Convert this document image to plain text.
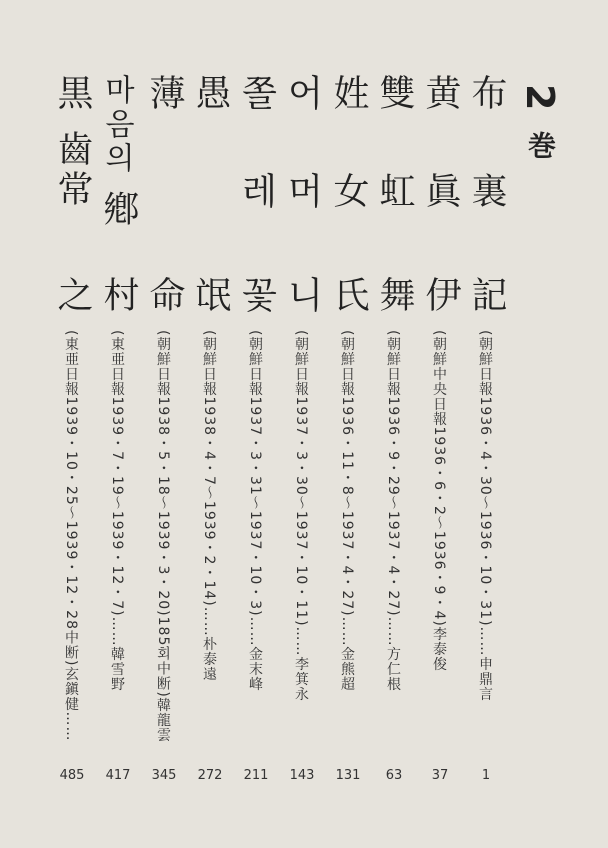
2 巻
布
裏
記
(朝鮮日報1936・4・30〜1936・10・31)……申鼎言
1
黄
眞
伊
(朝鮮中央日報1936・6・2〜1936・9・4)李泰俊
37
雙
虹
舞
(朝鮮日報1936・9・29〜1937・4・27)……方仁根
63
姓
女
氏
(朝鮮日報1936・11・8〜1937・4・27)……金熊超
131
어
머
니
(朝鮮日報1937・3・30〜1937・10・11)……李箕永
143
쫄
레
꽃
(朝鮮日報1937・3・31〜1937・10・3)……金末峰
211
愚
氓
(朝鮮日報1938・4・7〜1939・2・14)……朴泰遠
272
薄
命
(朝鮮日報1938・5・18〜1939・3・20)185회中断)韓龍雲
345
마음의
鄕
村
(東亜日報1939・7・19〜1939・12・7)……韓雪野
417
黒
齒常
之
(東亜日報1939・10・25〜1939・12・28中断)玄鎭健……
485
